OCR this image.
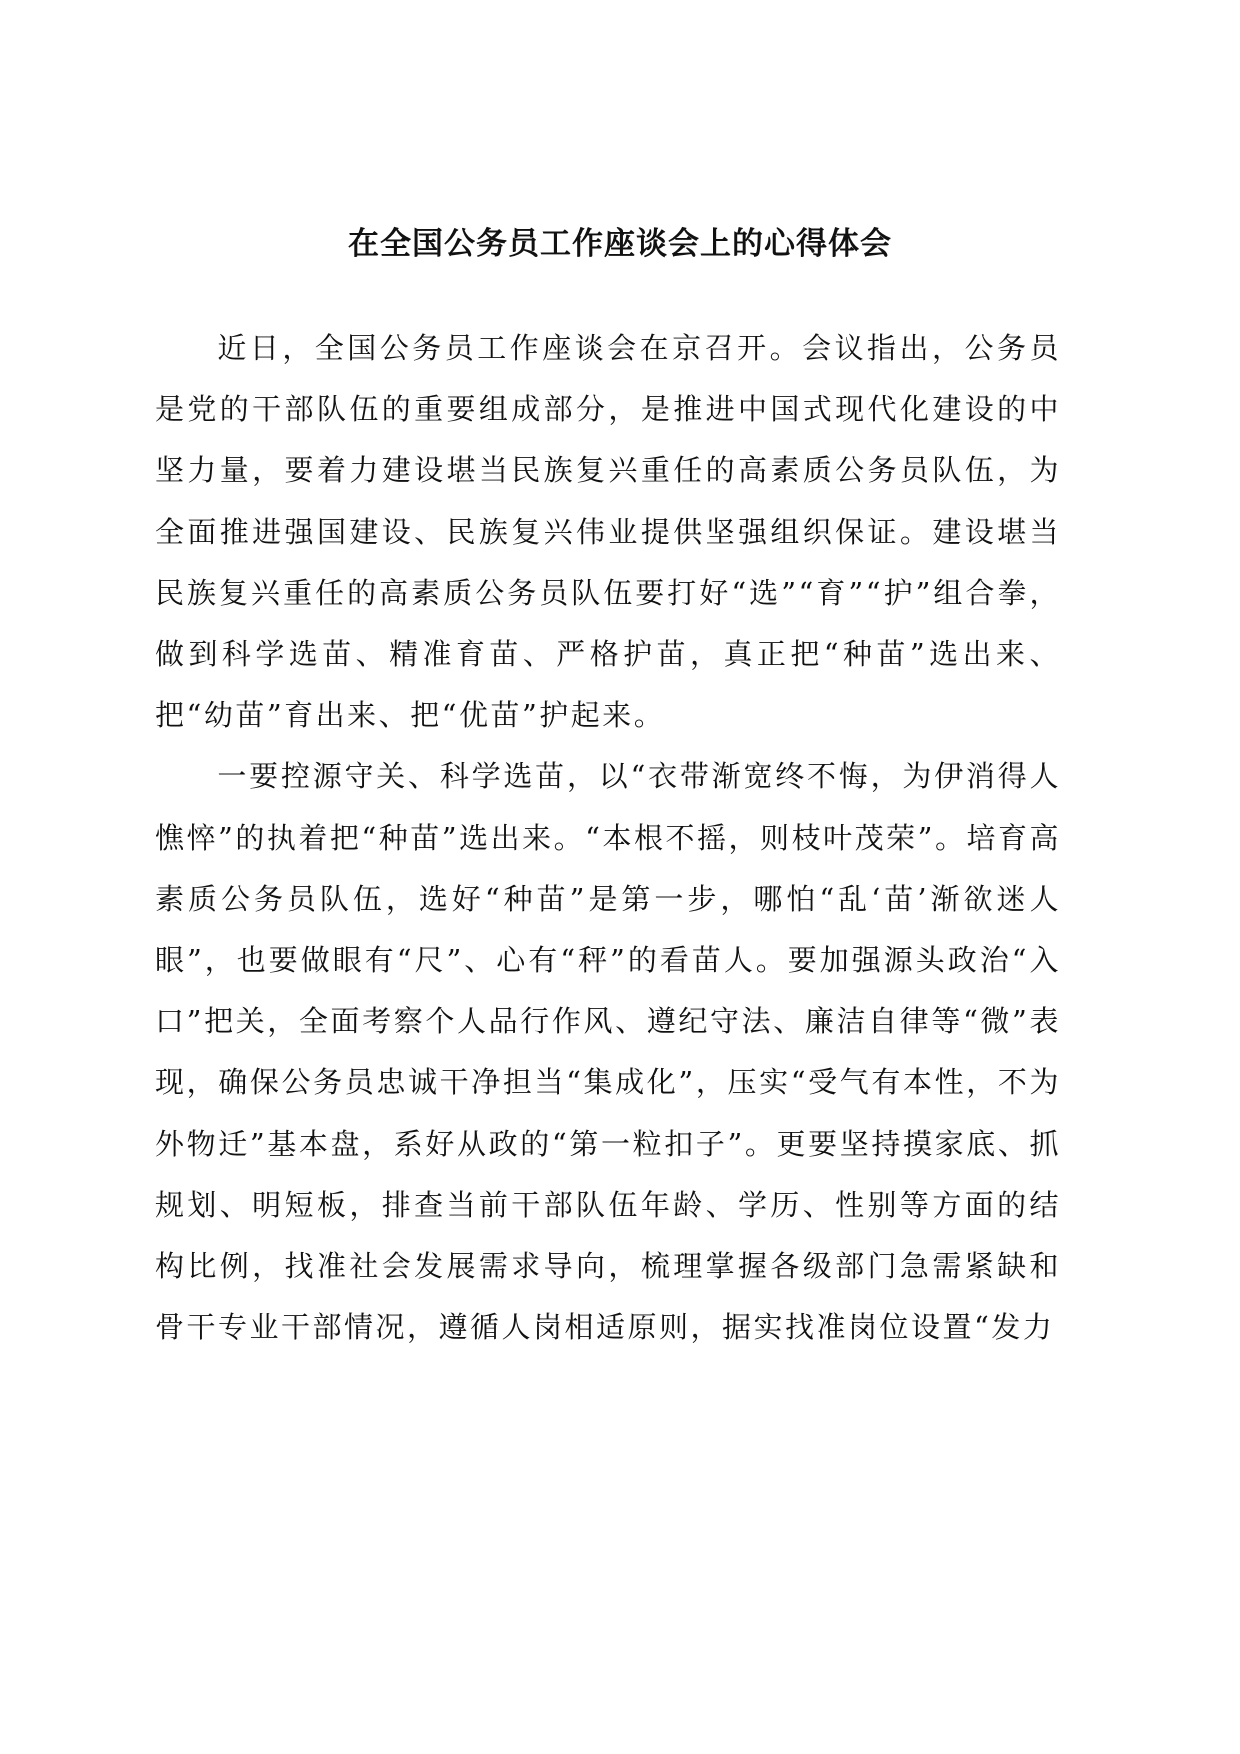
在全国公务员工作座谈会上的心得体会

近日，全国公务员工作座谈会在京召开。会议指出，公务员是党的干部队伍的重要组成部分，是推进中国式现代化建设的中坚力量，要着力建设堪当民族复兴重任的高素质公务员队伍，为全面推进强国建设、民族复兴伟业提供坚强组织保证。建设堪当民族复兴重任的高素质公务员队伍要打好“选”“育”“护”组合拳，做到科学选苗、精准育苗、严格护苗，真正把“种苗”选出来、把“幼苗”育出来、把“优苗”护起来。

一要控源守关、科学选苗，以“衣带渐宽终不悔，为伊消得人憔悴”的执着把“种苗”选出来。“本根不摇，则枝叶茂荣”。培育高素质公务员队伍，选好“种苗”是第一步，哪怕“乱‘苗’渐欲迷人眼”，也要做眼有“尺”、心有“秤”的看苗人。要加强源头政治“入口”把关，全面考察个人品行作风、遵纪守法、廉洁自律等“微”表现，确保公务员忠诚干净担当“集成化”，压实“受气有本性，不为外物迁”基本盘，系好从政的“第一粒扣子”。更要坚持摸家底、抓规划、明短板，排查当前干部队伍年龄、学历、性别等方面的结构比例，找准社会发展需求导向，梳理掌握各级部门急需紧缺和骨干专业干部情况，遵循人岗相适原则，据实找准岗位设置“发力
